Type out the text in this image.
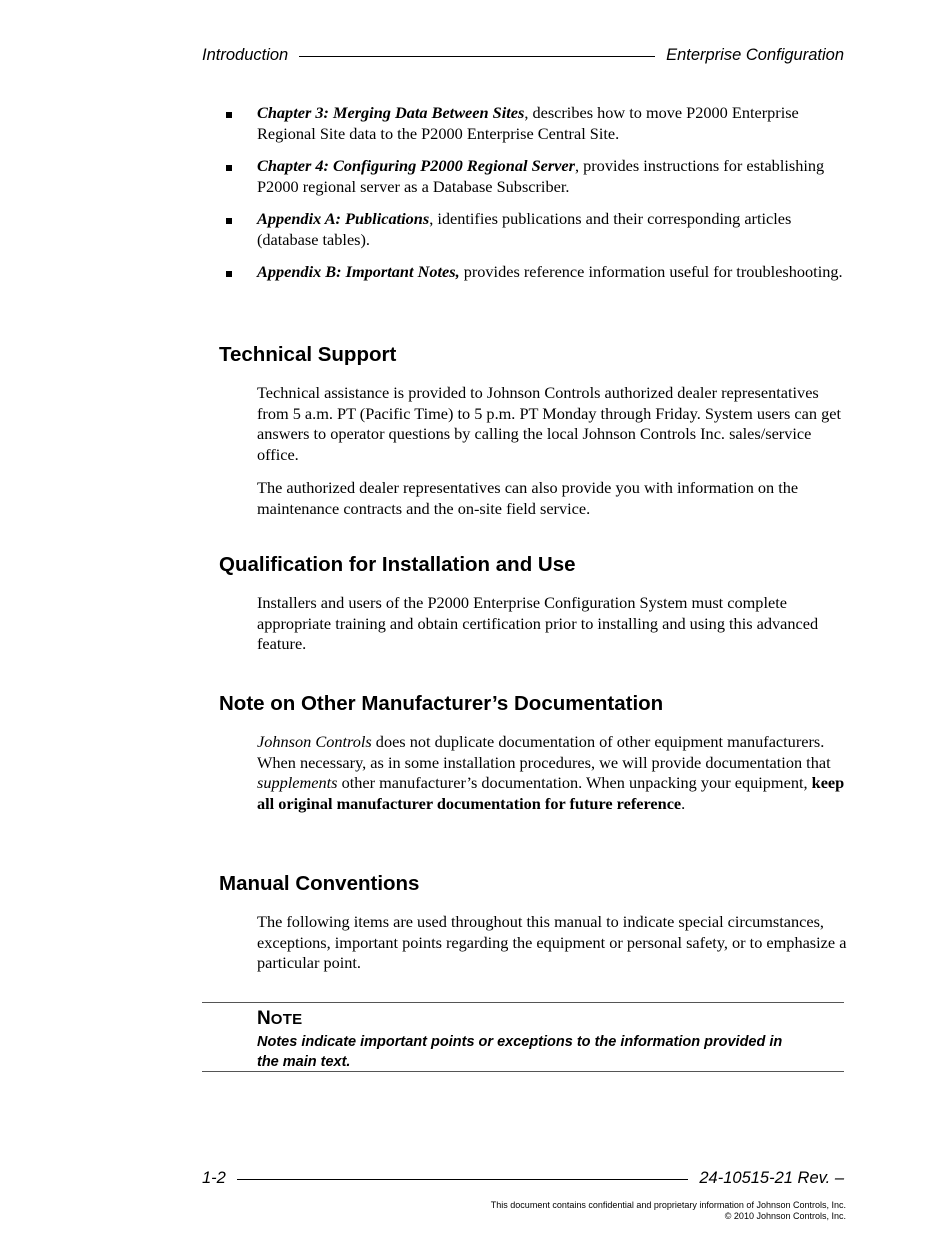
Introduction	Enterprise Configuration
Chapter 3: Merging Data Between Sites, describes how to move P2000 Enterprise Regional Site data to the P2000 Enterprise Central Site.
Chapter 4: Configuring P2000 Regional Server, provides instructions for establishing P2000 regional server as a Database Subscriber.
Appendix A: Publications, identifies publications and their corresponding articles (database tables).
Appendix B: Important Notes, provides reference information useful for troubleshooting.
Technical Support

Technical assistance is provided to Johnson Controls authorized dealer representatives from 5 a.m. PT (Pacific Time) to 5 p.m. PT Monday through Friday. System users can get answers to operator questions by calling the local Johnson Controls Inc. sales/service office.

The authorized dealer representatives can also provide you with information on the maintenance contracts and the on-site field service.

Qualification for Installation and Use

Installers and users of the P2000 Enterprise Configuration System must complete appropriate training and obtain certification prior to installing and using this advanced feature.

Note on Other Manufacturer’s Documentation

Johnson Controls does not duplicate documentation of other equipment manufacturers. When necessary, as in some installation procedures, we will provide documentation that supplements other manufacturer’s documentation. When unpacking your equipment, keep all original manufacturer documentation for future reference.

Manual Conventions

The following items are used throughout this manual to indicate special circumstances, exceptions, important points regarding the equipment or personal safety, or to emphasize a particular point.

NOTE
Notes indicate important points or exceptions to the information provided in the main text.
1-2	24-10515-21 Rev. –
This document contains confidential and proprietary information of Johnson Controls, Inc.
© 2010 Johnson Controls, Inc.
